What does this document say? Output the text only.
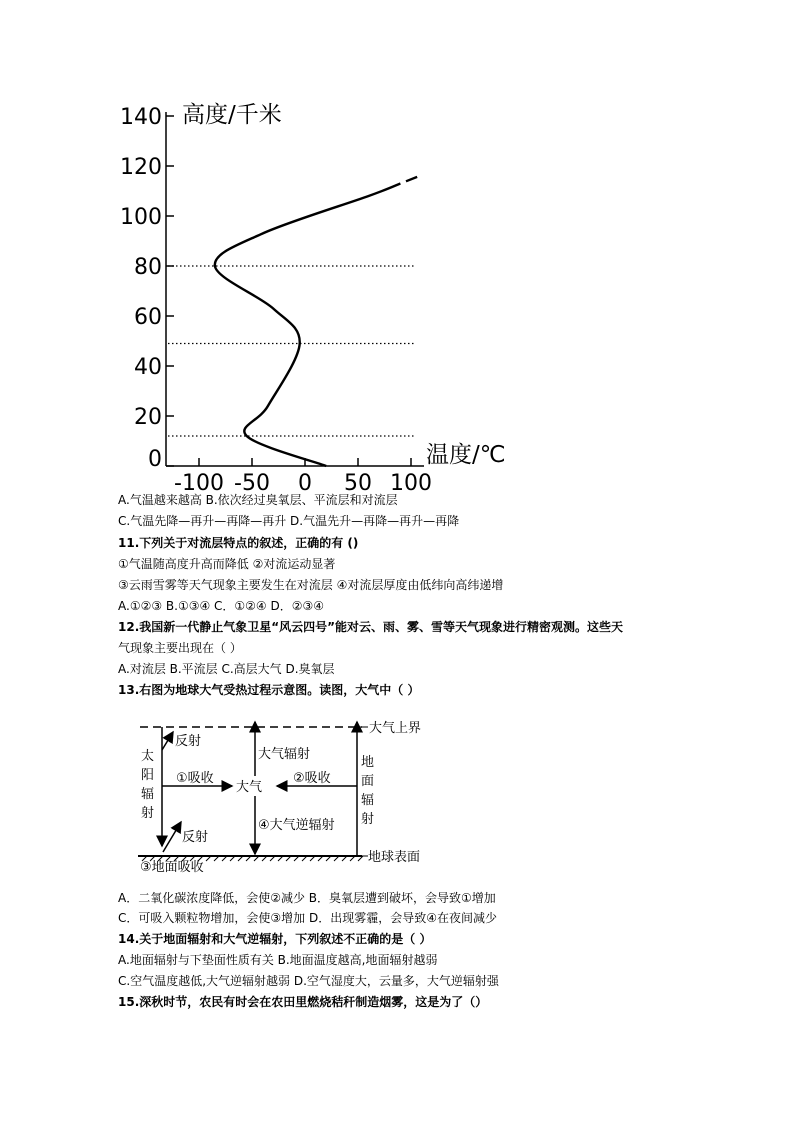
140
120
100
80
60
40
20
0
-100 -50 0 50 100
高度/千米
温度/℃
A.气温越来越高 B.依次经过臭氧层、平流层和对流层
C.气温先降—再升—再降—再升 D.气温先升—再降—再升—再降
11.下列关于对流层特点的叙述，正确的有 ()
①气温随高度升高而降低 ②对流运动显著
③云雨雪雾等天气现象主要发生在对流层 ④对流层厚度由低纬向高纬递增
A.①②③ B.①③④ C．①②④ D．②③④
12.我国新一代静止气象卫星“风云四号”能对云、雨、雾、雪等天气现象进行精密观测。这些天
气现象主要出现在（ ）
A.对流层 B.平流层 C.高层大气 D.臭氧层
13.右图为地球大气受热过程示意图。读图，大气中（ ）
大气上界
地球表面
太
阳
辐
射
反射
反射
①吸收
大气
②吸收
大气辐射
④大气逆辐射
地
面
辐
射
③地面吸收
A．二氧化碳浓度降低，会使②减少 B．臭氧层遭到破坏，会导致①增加
C．可吸入颗粒物增加，会使③增加 D．出现雾霾，会导致④在夜间减少
14.关于地面辐射和大气逆辐射，下列叙述不正确的是（ ）
A.地面辐射与下垫面性质有关 B.地面温度越高,地面辐射越弱
C.空气温度越低,大气逆辐射越弱 D.空气湿度大，云量多，大气逆辐射强
15.深秋时节，农民有时会在农田里燃烧秸秆制造烟雾，这是为了（）
